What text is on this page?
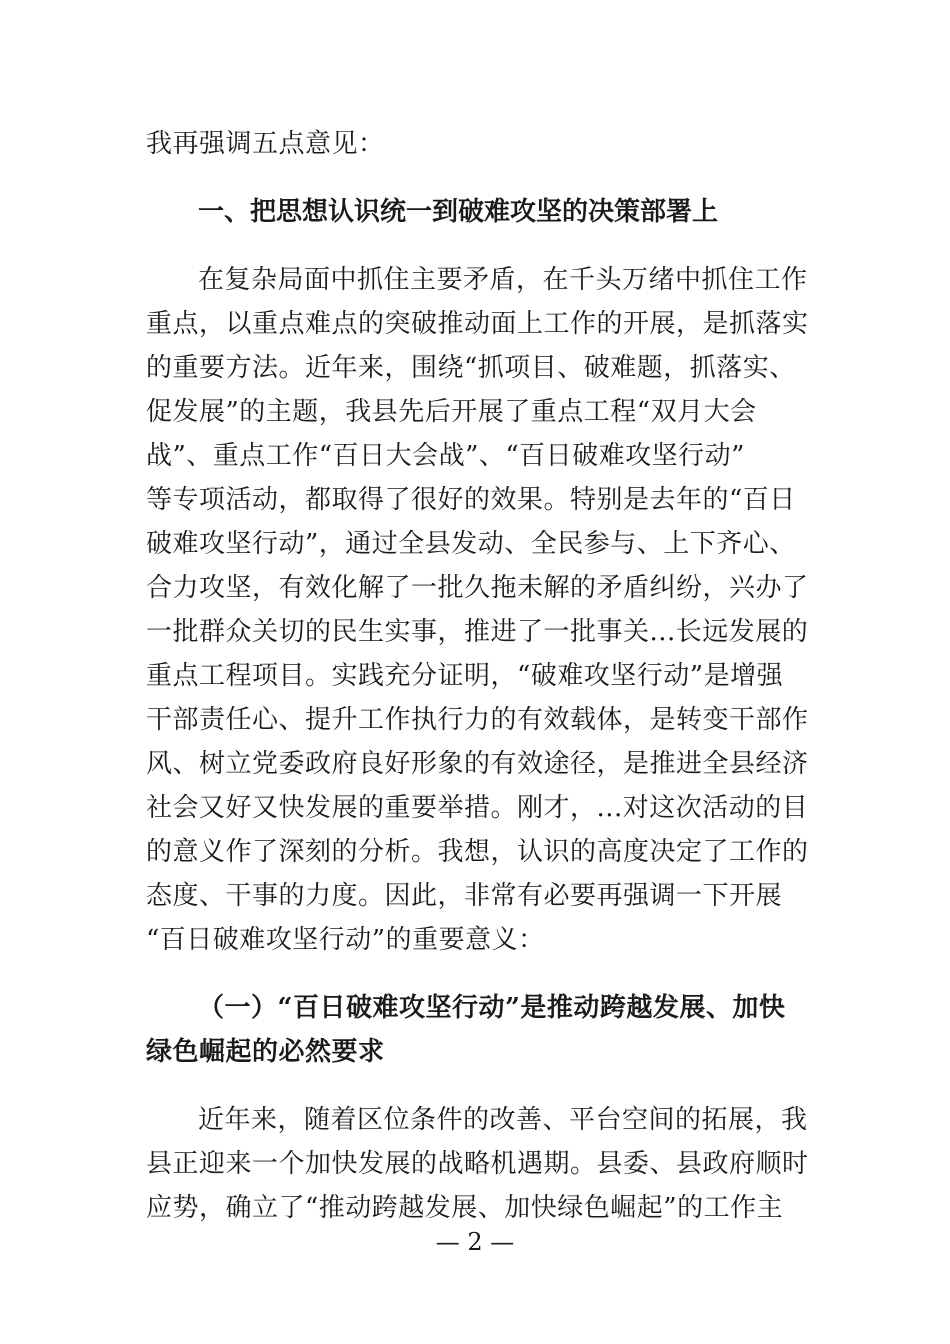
我再强调五点意见：
一、把思想认识统一到破难攻坚的决策部署上
在复杂局面中抓住主要矛盾，在千头万绪中抓住工作
重点，以重点难点的突破推动面上工作的开展，是抓落实
的重要方法。近年来，围绕“抓项目、破难题，抓落实、
促发展”的主题，我县先后开展了重点工程“双月大会
战”、重点工作“百日大会战”、“百日破难攻坚行动”
等专项活动，都取得了很好的效果。特别是去年的“百日
破难攻坚行动”，通过全县发动、全民参与、上下齐心、
合力攻坚，有效化解了一批久拖未解的矛盾纠纷，兴办了
一批群众关切的民生实事，推进了一批事关...长远发展的
重点工程项目。实践充分证明，“破难攻坚行动”是增强
干部责任心、提升工作执行力的有效载体，是转变干部作
风、树立党委政府良好形象的有效途径，是推进全县经济
社会又好又快发展的重要举措。刚才，...对这次活动的目
的意义作了深刻的分析。我想，认识的高度决定了工作的
态度、干事的力度。因此，非常有必要再强调一下开展
“百日破难攻坚行动”的重要意义：
（一）“百日破难攻坚行动”是推动跨越发展、加快
绿色崛起的必然要求
近年来，随着区位条件的改善、平台空间的拓展，我
县正迎来一个加快发展的战略机遇期。县委、县政府顺时
应势，确立了“推动跨越发展、加快绿色崛起”的工作主
— 2 —
